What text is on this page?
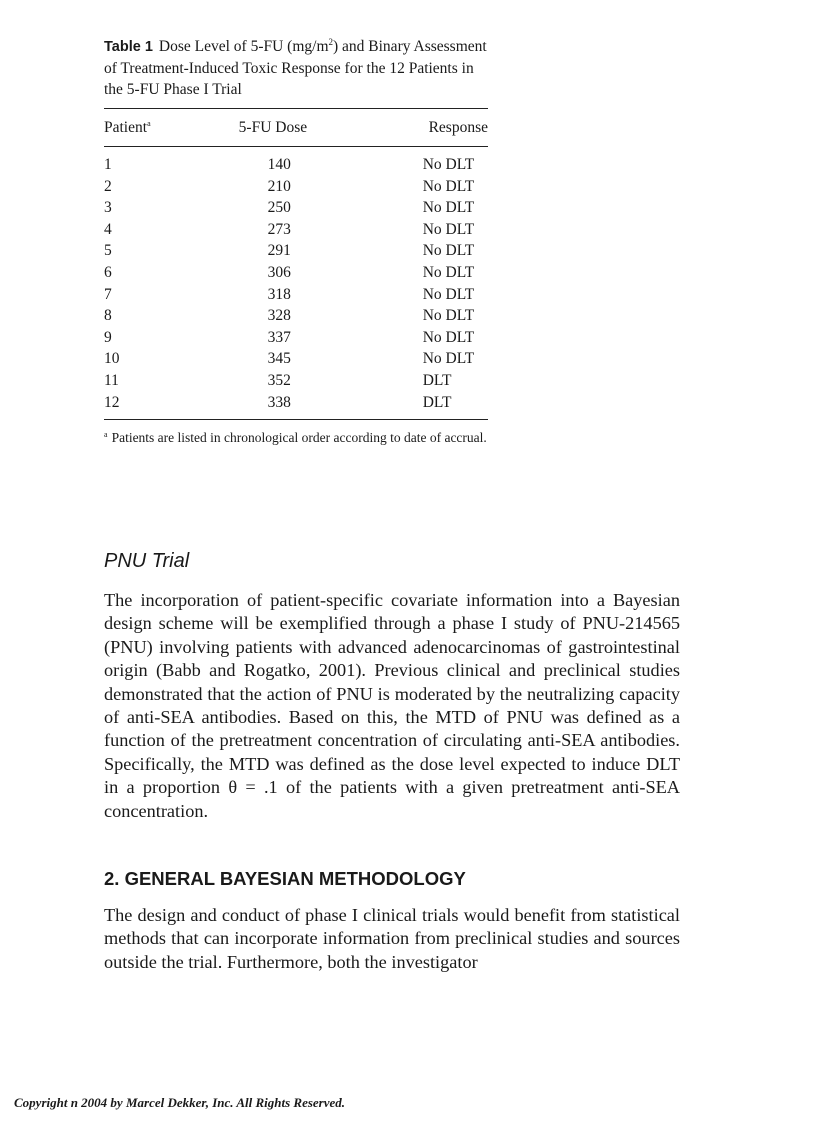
Table 1 Dose Level of 5-FU $(mg/m^2)$ and Binary Assessment of Treatment-Induced Toxic Response for the 12 Patients in the 5-FU Phase I Trial

Patient$^a$	5-FU Dose	Response

1	140	No DLT
2	210	No DLT
3	250	No DLT
4	273	No DLT
5	291	No DLT
6	306	No DLT
7	318	No DLT
8	328	No DLT
9	337	No DLT
10	345	No DLT
11	352	DLT
12	338	DLT

$^a$ Patients are listed in chronological order according to date of accrual.

PNU Trial

The incorporation of patient-specific covariate information into a Bayesian design scheme will be exemplified through a phase I study of PNU-214565 (PNU) involving patients with advanced adenocarcinomas of gastrointestinal origin (Babb and Rogatko, 2001). Previous clinical and preclinical studies demonstrated that the action of PNU is moderated by the neutralizing capacity of anti-SEA antibodies. Based on this, the MTD of PNU was defined as a function of the pretreatment concentration of circulating anti-SEA antibodies. Specifically, the MTD was defined as the dose level expected to induce DLT in a proportion θ = .1 of the patients with a given pretreatment anti-SEA concentration.

2. GENERAL BAYESIAN METHODOLOGY

The design and conduct of phase I clinical trials would benefit from statistical methods that can incorporate information from preclinical studies and sources outside the trial. Furthermore, both the investigator

Copyright n 2004 by Marcel Dekker, Inc. All Rights Reserved.
